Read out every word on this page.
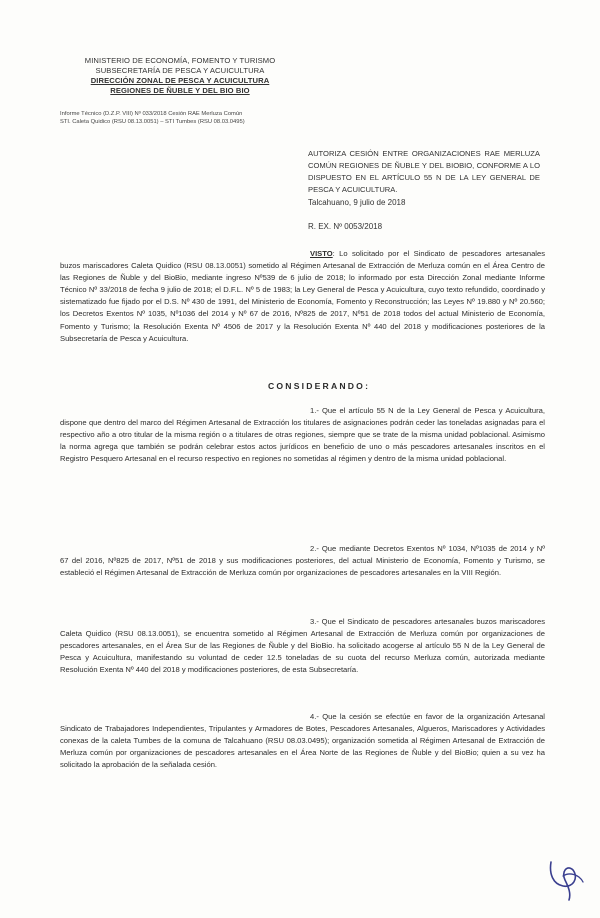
MINISTERIO DE ECONOMÍA, FOMENTO Y TURISMO
SUBSECRETARÍA DE PESCA Y ACUICULTURA
DIRECCIÓN ZONAL DE PESCA Y ACUICULTURA
REGIONES DE ÑUBLE Y DEL BIO BIO
Informe Técnico (D.Z.P. VIII) Nº 033/2018 Cesión RAE Merluza Común
STI. Caleta Quidico (RSU 08.13.0051) – STI Tumbes (RSU 08.03.0495)
AUTORIZA CESIÓN ENTRE ORGANIZACIONES RAE MERLUZA COMÚN REGIONES DE ÑUBLE Y DEL BIOBIO, CONFORME A LO DISPUESTO EN EL ARTÍCULO 55 N DE LA LEY GENERAL DE PESCA Y ACUICULTURA.
Talcahuano, 9 julio de 2018
R. EX. Nº 0053/2018
VISTO: Lo solicitado por el Sindicato de pescadores artesanales buzos mariscadores Caleta Quidico (RSU 08.13.0051) sometido al Régimen Artesanal de Extracción de Merluza común en el Área Centro de las Regiones de Ñuble y del BioBio, mediante ingreso Nº539 de 6 julio de 2018; lo informado por esta Dirección Zonal mediante Informe Técnico Nº 33/2018 de fecha 9 julio de 2018; el D.F.L. Nº 5 de 1983; la Ley General de Pesca y Acuicultura, cuyo texto refundido, coordinado y sistematizado fue fijado por el D.S. Nº 430 de 1991, del Ministerio de Economía, Fomento y Reconstrucción; las Leyes Nº 19.880 y Nº 20.560; los Decretos Exentos Nº 1035, Nº1036 del 2014 y Nº 67 de 2016, Nº825 de 2017, Nº51 de 2018 todos del actual Ministerio de Economía, Fomento y Turismo; la Resolución Exenta Nº 4506 de 2017 y la Resolución Exenta Nº 440 del 2018 y modificaciones posteriores de la Subsecretaría de Pesca y Acuicultura.
CONSIDERANDO:
1.- Que el artículo 55 N de la Ley General de Pesca y Acuicultura, dispone que dentro del marco del Régimen Artesanal de Extracción los titulares de asignaciones podrán ceder las toneladas asignadas para el respectivo año a otro titular de la misma región o a titulares de otras regiones, siempre que se trate de la misma unidad poblacional. Asimismo la norma agrega que también se podrán celebrar estos actos jurídicos en beneficio de uno o más pescadores artesanales inscritos en el Registro Pesquero Artesanal en el recurso respectivo en regiones no sometidas al régimen y dentro de la misma unidad poblacional.
2.- Que mediante Decretos Exentos Nº 1034, Nº1035 de 2014 y Nº 67 del 2016, Nº825 de 2017, Nº51 de 2018 y sus modificaciones posteriores, del actual Ministerio de Economía, Fomento y Turismo, se estableció el Régimen Artesanal de Extracción de Merluza común por organizaciones de pescadores artesanales en la VIII Región.
3.- Que el Sindicato de pescadores artesanales buzos mariscadores Caleta Quidico (RSU 08.13.0051), se encuentra sometido al Régimen Artesanal de Extracción de Merluza común por organizaciones de pescadores artesanales, en el Área Sur de las Regiones de Ñuble y del BioBio. ha solicitado acogerse al artículo 55 N de la Ley General de Pesca y Acuicultura, manifestando su voluntad de ceder 12.5 toneladas de su cuota del recurso Merluza común, autorizada mediante Resolución Exenta Nº 440 del 2018 y modificaciones posteriores, de esta Subsecretaría.
4.- Que la cesión se efectúe en favor de la organización Artesanal Sindicato de Trabajadores Independientes, Tripulantes y Armadores de Botes, Pescadores Artesanales, Algueros, Mariscadores y Actividades conexas de la caleta Tumbes de la comuna de Talcahuano (RSU 08.03.0495); organización sometida al Régimen Artesanal de Extracción de Merluza común por organizaciones de pescadores artesanales en el Área Norte de las Regiones de Ñuble y del BioBio; quien a su vez ha solicitado la aprobación de la señalada cesión.
